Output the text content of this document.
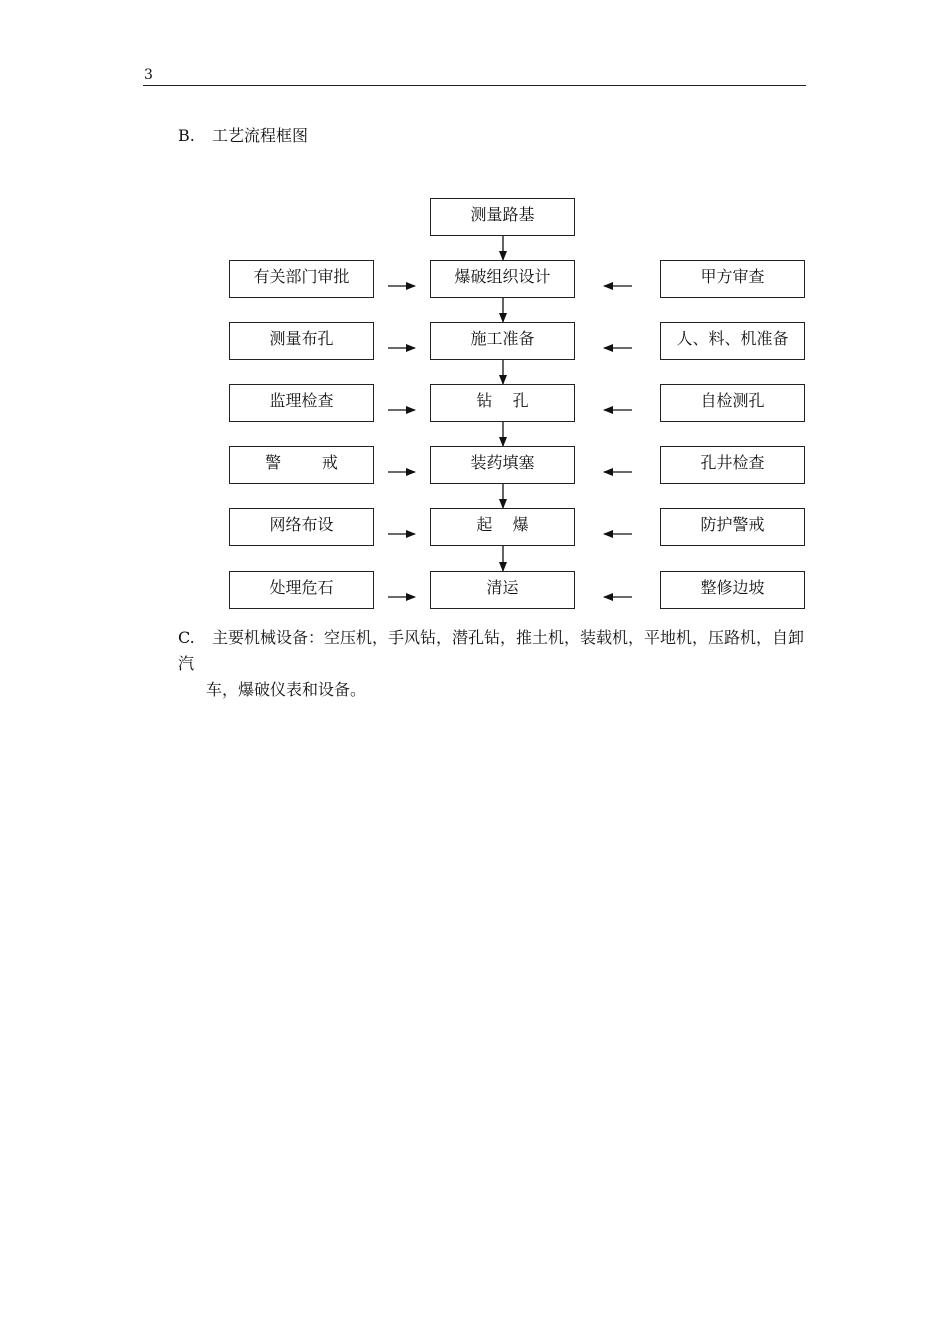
3
B. 工艺流程框图
测量路基
爆破组织设计
施工准备
钻    孔
装药填塞
起    爆
清运
有关部门审批
测量布孔
监理检查
警        戒
网络布设
处理危石
甲方审查
人、料、机准备
自检测孔
孔井检查
防护警戒
整修边坡
C. 主要机械设备：空压机，手风钻，潜孔钻，推土机，装载机，平地机，压路机，自卸汽
车，爆破仪表和设备。
